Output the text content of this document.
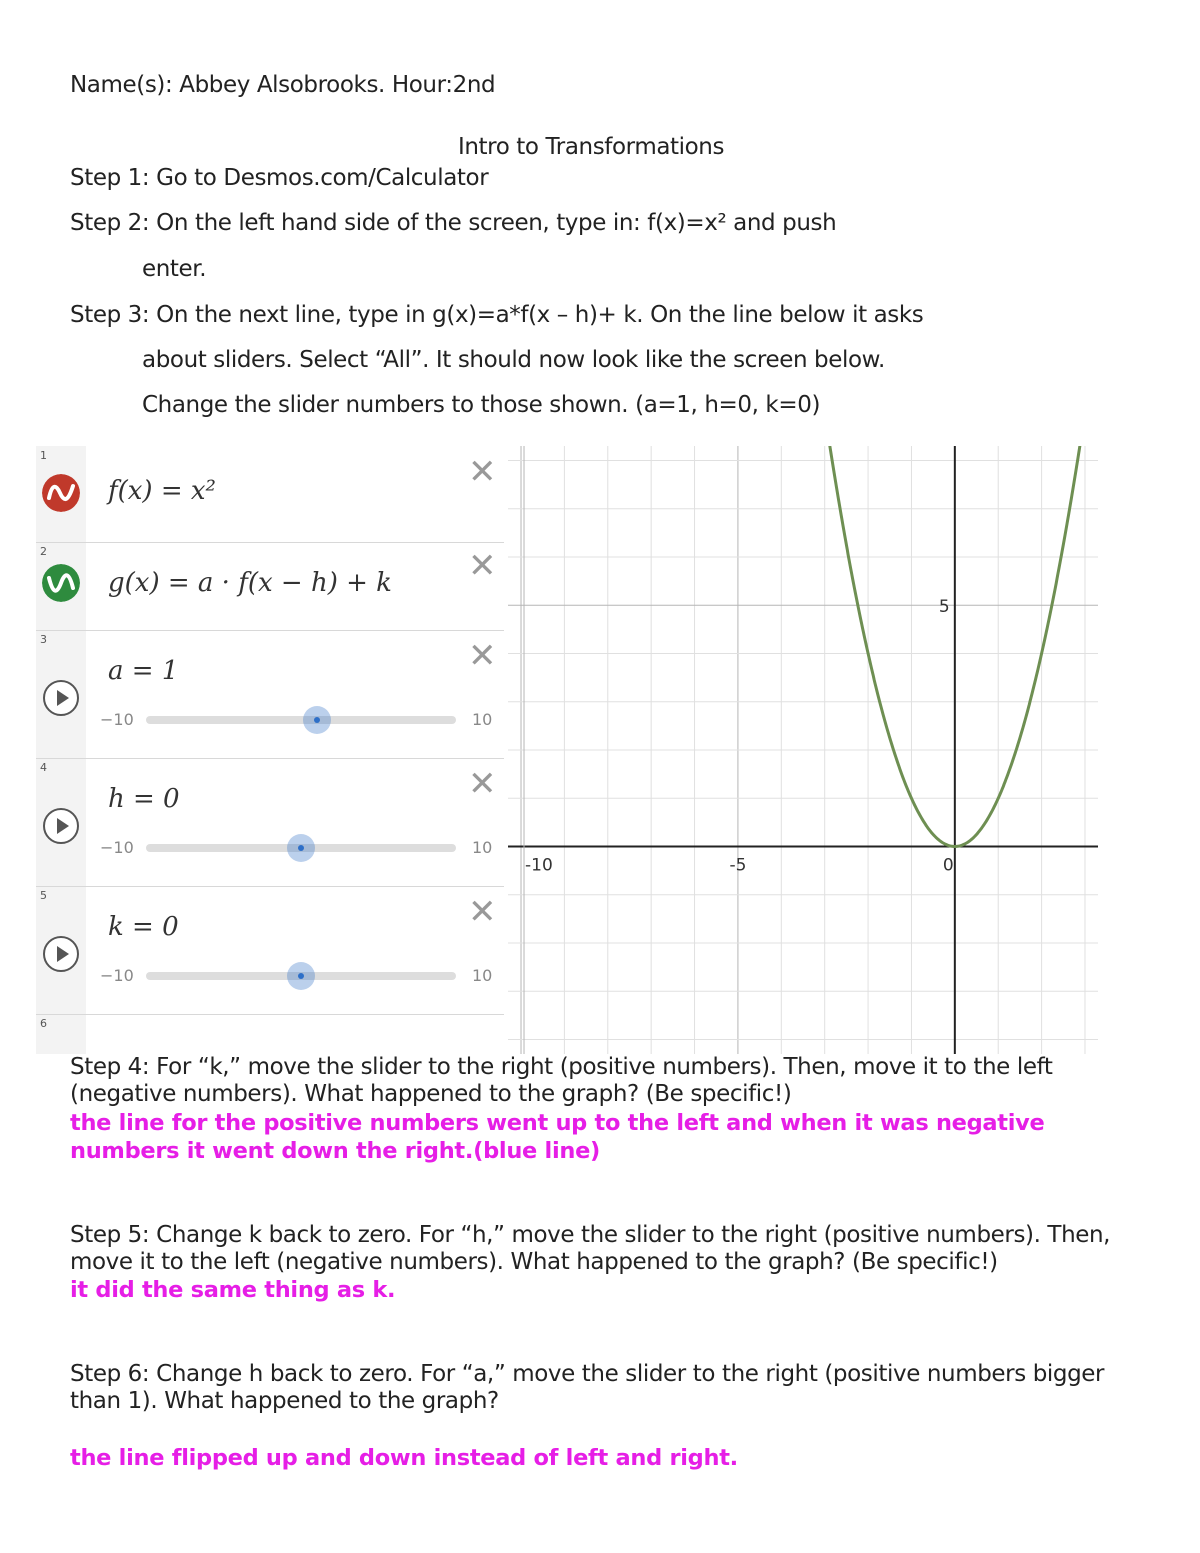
Name(s): Abbey Alsobrooks. Hour:2nd
Intro to Transformations
Step 1: Go to Desmos.com/Calculator
Step 2: On the left hand side of the screen, type in: f(x)=x² and push
enter.
Step 3: On the next line, type in g(x)=a*f(x – h)+ k. On the line below it asks
about sliders. Select “All”. It should now look like the screen below.
Change the slider numbers to those shown. (a=1, h=0, k=0)
1
f(x) = x²	✕
2
g(x) = a · f(x − h) + k ✕
3
a = 1	✕
−10	10
4
h = 0	✕
−10	10
5
k = 0	✕
−10	10
6
-10	-5	0
5
Step 4: For “k,” move the slider to the right (positive numbers). Then, move it to the left (negative numbers). What happened to the graph? (Be specific!)
the line for the positive numbers went up to the left and when it was negative numbers it went down the right.(blue line)
Step 5: Change k back to zero. For “h,” move the slider to the right (positive numbers). Then, move it to the left (negative numbers). What happened to the graph? (Be specific!)
it did the same thing as k.
Step 6: Change h back to zero. For “a,” move the slider to the right (positive numbers bigger than 1). What happened to the graph?
the line flipped up and down instead of left and right.
